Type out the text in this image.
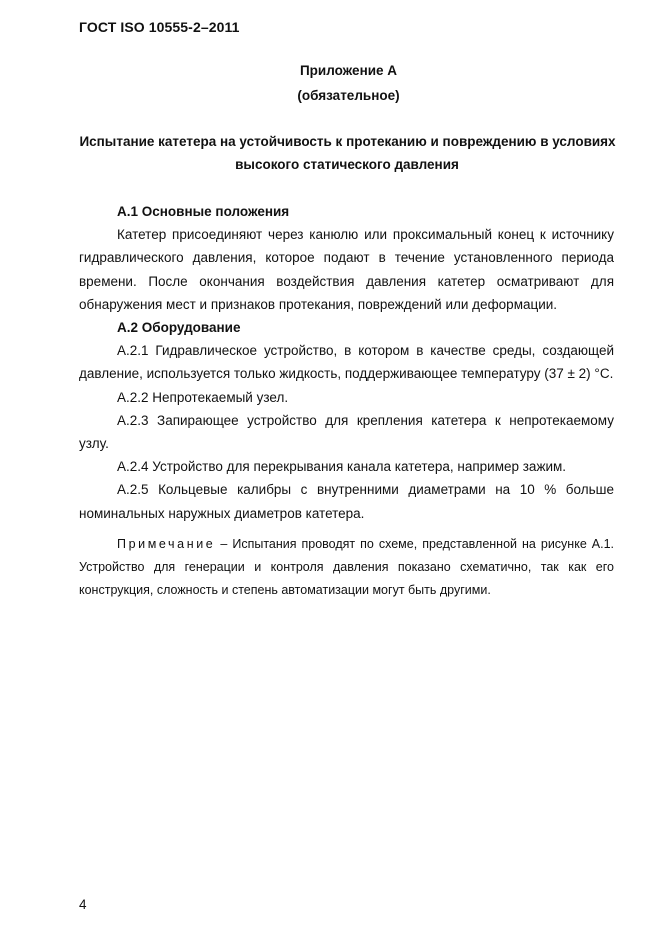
ГОСТ ISO 10555-2–2011
Приложение А
(обязательное)
Испытание катетера на устойчивость к протеканию и повреждению в условиях
высокого статического давления

А.1 Основные положения

Катетер присоединяют через канюлю или проксимальный конец к источнику гидравлического давления, которое подают в течение установленного периода времени. После окончания воздействия давления катетер осматривают для обнаружения мест и признаков протекания, повреждений или деформации.

А.2 Оборудование

А.2.1 Гидравлическое устройство, в котором в качестве среды, создающей давление, используется только жидкость, поддерживающее температуру (37 ± 2) °С.

А.2.2 Непротекаемый узел.

А.2.3 Запирающее устройство для крепления катетера к непротекаемому узлу.

А.2.4 Устройство для перекрывания канала катетера, например зажим.

А.2.5 Кольцевые калибры с внутренними диаметрами на 10 % больше номинальных наружных диаметров катетера.

Примечание – Испытания проводят по схеме, представленной на рисунке А.1. Устройство для генерации и контроля давления показано схематично, так как его конструкция, сложность и степень автоматизации могут быть другими.

4
